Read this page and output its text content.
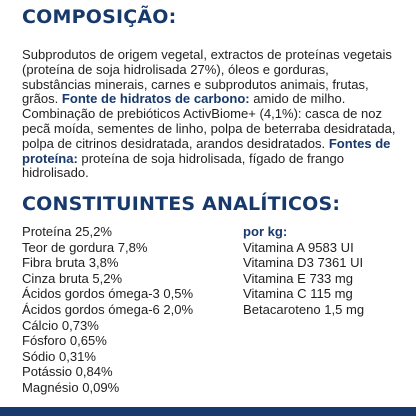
COMPOSIÇÃO:
Subprodutos de origem vegetal, extractos de proteínas vegetais (proteína de soja hidrolisada 27%), óleos e gorduras, substâncias minerais, carnes e subprodutos animais, frutas, grãos. Fonte de hidratos de carbono: amido de milho. Combinação de prebióticos ActivBiome+ (4,1%): casca de noz pecã moída, sementes de linho, polpa de beterraba desidratada, polpa de citrinos desidratada, arandos desidratados. Fontes de proteína: proteína de soja hidrolisada, fígado de frango hidrolisado.
CONSTITUINTES ANALÍTICOS:
Proteína 25,2%
Teor de gordura 7,8%
Fibra bruta 3,8%
Cinza bruta 5,2%
Ácidos gordos ómega-3 0,5%
Ácidos gordos ómega-6 2,0%
Cálcio 0,73%
Fósforo 0,65%
Sódio 0,31%
Potássio 0,84%
Magnésio 0,09%
por kg:
Vitamina A 9583 UI
Vitamina D3 7361 UI
Vitamina E 733 mg
Vitamina C 115 mg
Betacaroteno 1,5 mg
